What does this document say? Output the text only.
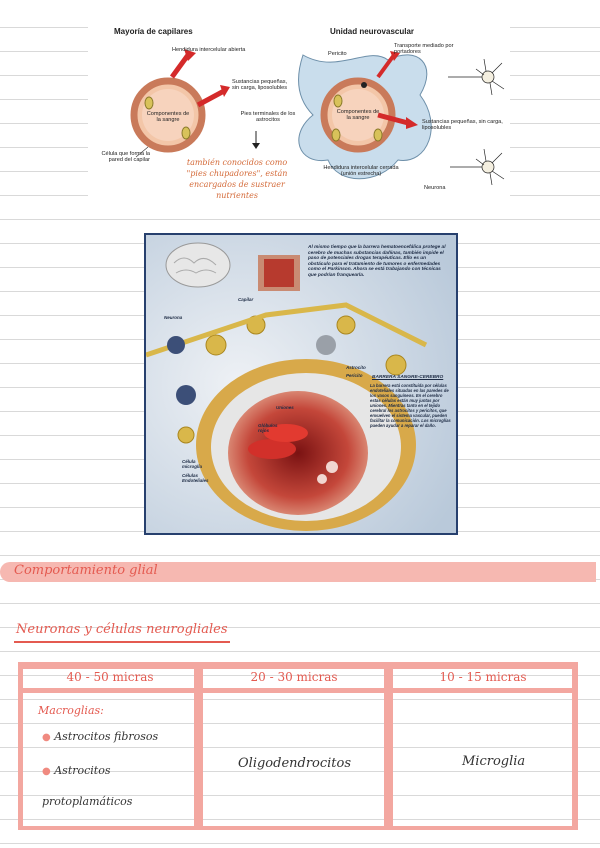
Mayoría de capilares	Unidad neurovascular
Hendidura intercelular abierta
Sustancias pequeñas, sin carga, liposolubles
Componentes de la sangre
Célula que forma la pared del capilar
Pies terminales de los astrocitos
Pericito
Transporte mediado por portadores
Componentes de la sangre
Sustancias pequeñas, sin carga, liposolubles
Hendidura intercelular cerrada (unión estrecha)
Neurona
también conocidos como
"pies chupadores", están
encargados de sustraer
nutrientes
Al mismo tiempo que la barrera hematoencefálica protege al cerebro de muchas substancias dañinas, también impide el paso de potenciales drogas terapéuticas. Ello es un obstáculo para el tratamiento de tumores o enfermedades como el Parkinson. Ahora se está trabajando con técnicas que podrían franquearla.
BARRERA SANGRE-CEREBRO
La barrera está constituida por células endoteliales situadas en las paredes de los vasos sanguíneos. En el cerebro estas células están muy juntas por uniones. Mientras tanto en el tejido cerebral los astrocitos y pericitos, que envuelven el sistema vascular, pueden facilitar la comunicación. Los microglías pueden ayudar a reparar el daño.
Capilar
Neurona
Astrocito
Pericito
Uniones
Glóbulos rojos
Célula microglía
Células Endoteliales
Comportamiento glial
Neuronas y células neurogliales
40 - 50 micras	20 - 30 micras	10 - 15 micras
Macroglias:
● Astrocitos fibrosos
● Astrocitos protoplamáticos
Oligodendrocitos	Microglia
